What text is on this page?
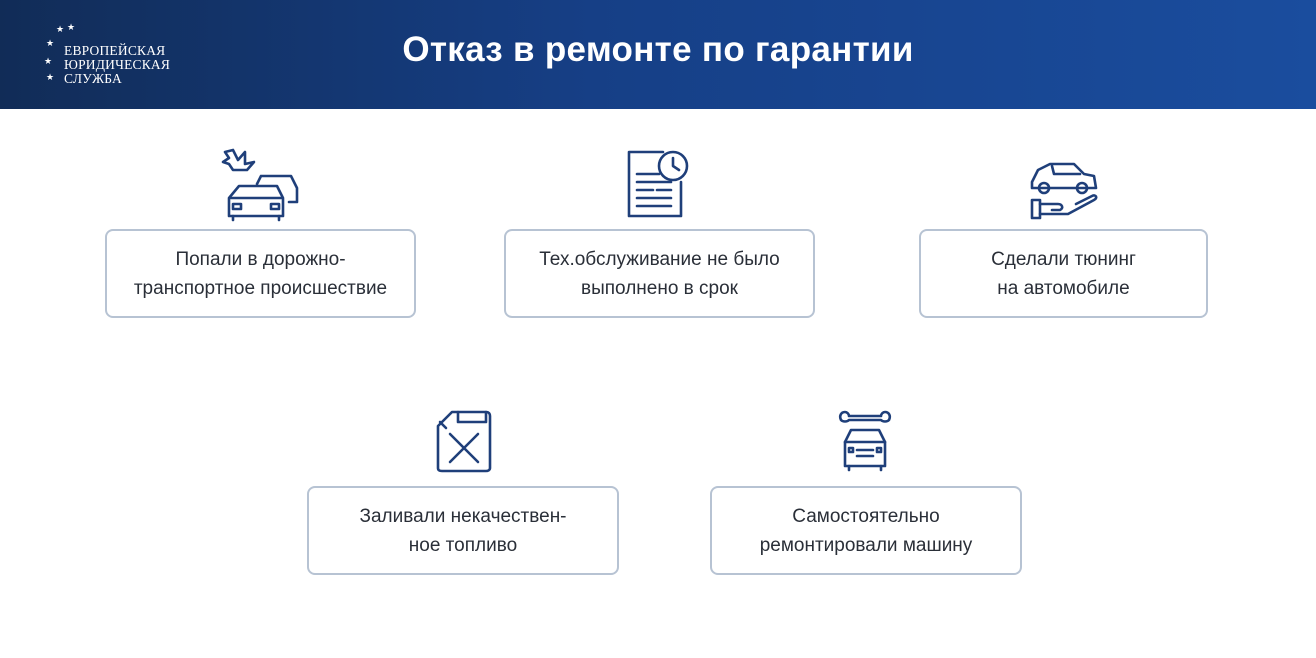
★ ★
★
★
★
ЕВРОПЕЙСКАЯ
ЮРИДИЧЕСКАЯ
СЛУЖБА
Отказ в ремонте по гарантии
Попали в дорожно-
транспортное происшествие
Тех.обслуживание не было
выполнено в срок
Сделали тюнинг
на автомобиле
Заливали некачествен-
ное топливо
Самостоятельно
ремонтировали машину
